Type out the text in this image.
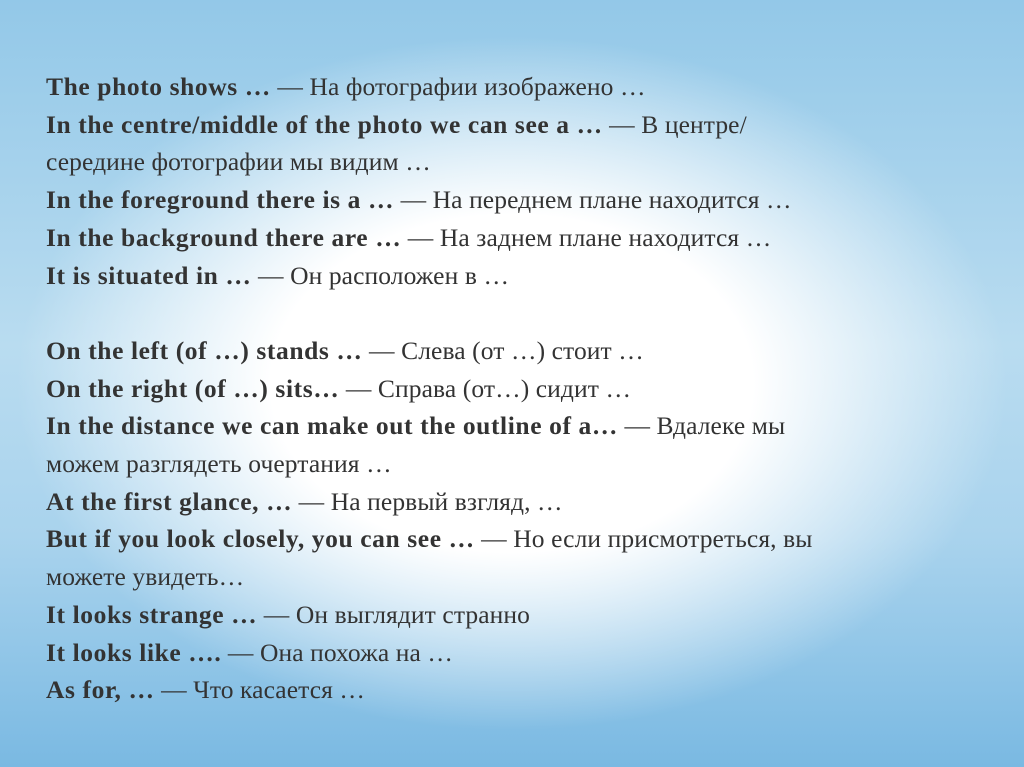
The photo shows … — На фотографии изображено …
In the centre/middle of the photo we can see a … — В центре/
середине фотографии мы видим …
In the foreground there is a … — На переднем плане находится …
In the background there are … — На заднем плане находится …
It is situated in … — Он расположен в …
On the left (of …) stands … — Слева (от …) стоит …
On the right (of …) sits… — Справа (от…) сидит …
In the distance we can make out the outline of a… — Вдалеке мы
можем разглядеть очертания …
At the first glance, … — На первый взгляд, …
But if you look closely, you can see … — Но если присмотреться, вы
можете увидеть…
It looks strange … — Он выглядит странно
It looks like …. — Она похожа на …
As for, … — Что касается …
